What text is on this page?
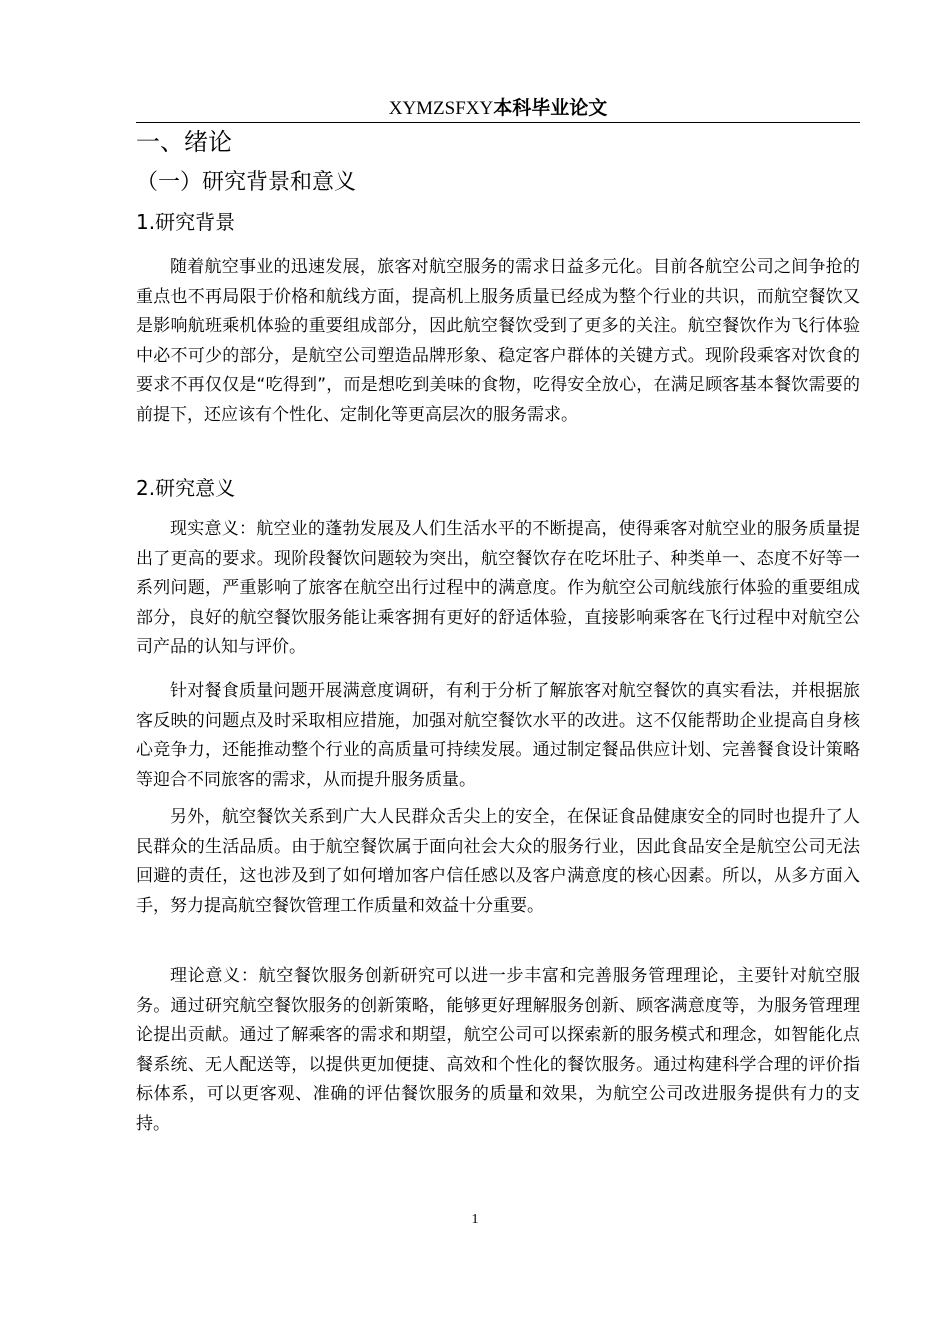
XYMZSFXY本科毕业论文
一、绪论
（一）研究背景和意义
1.研究背景

随着航空事业的迅速发展，旅客对航空服务的需求日益多元化。目前各航空公司之间争抢的重点也不再局限于价格和航线方面，提高机上服务质量已经成为整个行业的共识，而航空餐饮又是影响航班乘机体验的重要组成部分，因此航空餐饮受到了更多的关注。航空餐饮作为飞行体验中必不可少的部分，是航空公司塑造品牌形象、稳定客户群体的关键方式。现阶段乘客对饮食的要求不再仅仅是“吃得到”，而是想吃到美味的食物，吃得安全放心，在满足顾客基本餐饮需要的前提下，还应该有个性化、定制化等更高层次的服务需求。

2.研究意义

现实意义：航空业的蓬勃发展及人们生活水平的不断提高，使得乘客对航空业的服务质量提出了更高的要求。现阶段餐饮问题较为突出，航空餐饮存在吃坏肚子、种类单一、态度不好等一系列问题，严重影响了旅客在航空出行过程中的满意度。作为航空公司航线旅行体验的重要组成部分，良好的航空餐饮服务能让乘客拥有更好的舒适体验，直接影响乘客在飞行过程中对航空公司产品的认知与评价。

针对餐食质量问题开展满意度调研，有利于分析了解旅客对航空餐饮的真实看法，并根据旅客反映的问题点及时采取相应措施，加强对航空餐饮水平的改进。这不仅能帮助企业提高自身核心竞争力，还能推动整个行业的高质量可持续发展。通过制定餐品供应计划、完善餐食设计策略等迎合不同旅客的需求，从而提升服务质量。

另外，航空餐饮关系到广大人民群众舌尖上的安全，在保证食品健康安全的同时也提升了人民群众的生活品质。由于航空餐饮属于面向社会大众的服务行业，因此食品安全是航空公司无法回避的责任，这也涉及到了如何增加客户信任感以及客户满意度的核心因素。所以，从多方面入手，努力提高航空餐饮管理工作质量和效益十分重要。

理论意义：航空餐饮服务创新研究可以进一步丰富和完善服务管理理论，主要针对航空服务。通过研究航空餐饮服务的创新策略，能够更好理解服务创新、顾客满意度等，为服务管理理论提出贡献。通过了解乘客的需求和期望，航空公司可以探索新的服务模式和理念，如智能化点餐系统、无人配送等，以提供更加便捷、高效和个性化的餐饮服务。通过构建科学合理的评价指标体系，可以更客观、准确的评估餐饮服务的质量和效果，为航空公司改进服务提供有力的支持。

1
